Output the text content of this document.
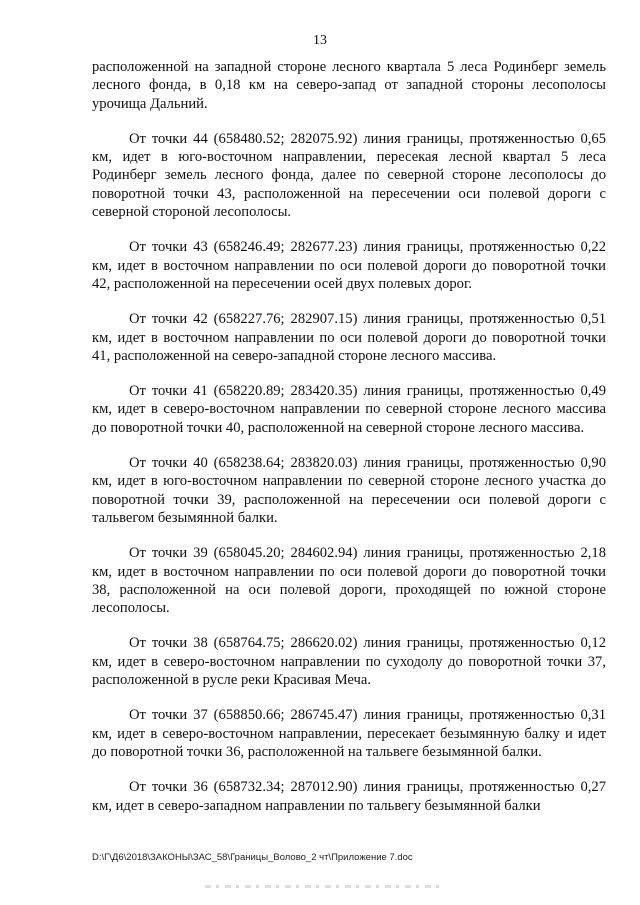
13

расположенной на западной стороне лесного квартала 5 леса Родинберг земель лесного фонда, в 0,18 км на северо-запад от западной стороны лесополосы урочища Дальний.

От точки 44 (658480.52; 282075.92) линия границы, протяженностью 0,65 км, идет в юго-восточном направлении, пересекая лесной квартал 5 леса Родинберг земель лесного фонда, далее по северной стороне лесополосы до поворотной точки 43, расположенной на пересечении оси полевой дороги с северной стороной лесополосы.

От точки 43 (658246.49; 282677.23) линия границы, протяженностью 0,22 км, идет в восточном направлении по оси полевой дороги до поворотной точки 42, расположенной на пересечении осей двух полевых дорог.

От точки 42 (658227.76; 282907.15) линия границы, протяженностью 0,51 км, идет в восточном направлении по оси полевой дороги до поворотной точки 41, расположенной на северо-западной стороне лесного массива.

От точки 41 (658220.89; 283420.35) линия границы, протяженностью 0,49 км, идет в северо-восточном направлении по северной стороне лесного массива до поворотной точки 40, расположенной на северной стороне лесного массива.

От точки 40 (658238.64; 283820.03) линия границы, протяженностью 0,90 км, идет в юго-восточном направлении по северной стороне лесного участка до поворотной точки 39, расположенной на пересечении оси полевой дороги с тальвегом безымянной балки.

От точки 39 (658045.20; 284602.94) линия границы, протяженностью 2,18 км, идет в восточном направлении по оси полевой дороги до поворотной точки 38, расположенной на оси полевой дороги, проходящей по южной стороне лесополосы.

От точки 38 (658764.75; 286620.02) линия границы, протяженностью 0,12 км, идет в северо-восточном направлении по суходолу до поворотной точки 37, расположенной в русле реки Красивая Меча.

От точки 37 (658850.66; 286745.47) линия границы, протяженностью 0,31 км, идет в северо-восточном направлении, пересекает безымянную балку и идет до поворотной точки 36, расположенной на тальвеге безымянной балки.

От точки 36 (658732.34; 287012.90) линия границы, протяженностью 0,27 км, идет в северо-западном направлении по тальвегу безымянной балки

D:\Г\Д6\2018\ЗАКОНЫ\ЗАС_58\Границы_Волово_2 чт\Приложение 7.doc
